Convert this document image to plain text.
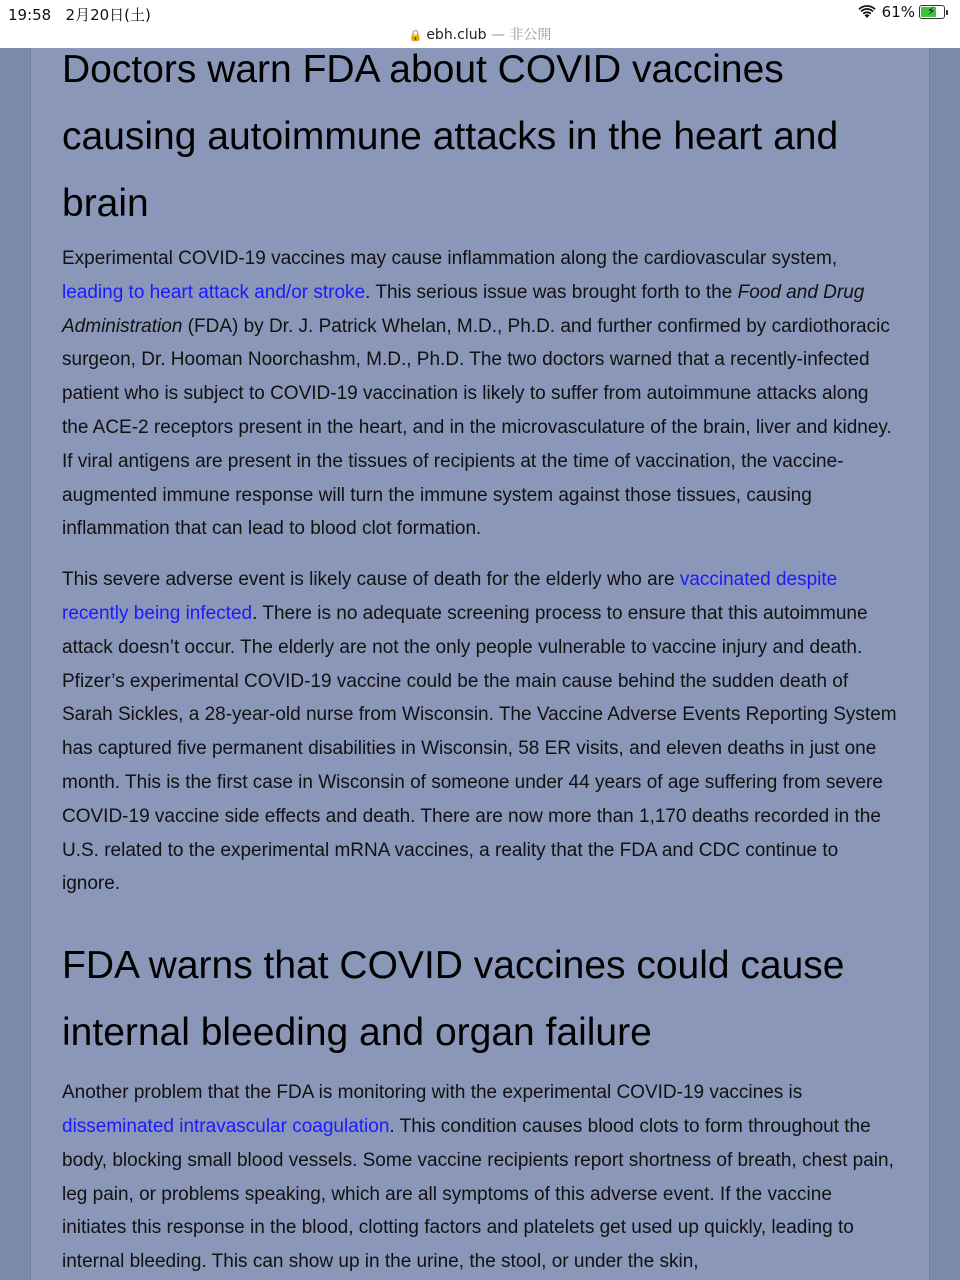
19:58 2月20日(土)	61% ⚡
🔒 ebh.club — 非公開
Doctors warn FDA about COVID vaccines causing autoimmune attacks in the heart and brain

Experimental COVID-19 vaccines may cause inflammation along the cardiovascular system, leading to heart attack and/or stroke. This serious issue was brought forth to the Food and Drug Administration (FDA) by Dr. J. Patrick Whelan, M.D., Ph.D. and further confirmed by cardiothoracic surgeon, Dr. Hooman Noorchashm, M.D., Ph.D. The two doctors warned that a recently-infected patient who is subject to COVID-19 vaccination is likely to suffer from autoimmune attacks along the ACE-2 receptors present in the heart, and in the microvasculature of the brain, liver and kidney. If viral antigens are present in the tissues of recipients at the time of vaccination, the vaccine-augmented immune response will turn the immune system against those tissues, causing inflammation that can lead to blood clot formation.

This severe adverse event is likely cause of death for the elderly who are vaccinated despite recently being infected. There is no adequate screening process to ensure that this autoimmune attack doesn’t occur. The elderly are not the only people vulnerable to vaccine injury and death. Pfizer’s experimental COVID-19 vaccine could be the main cause behind the sudden death of Sarah Sickles, a 28-year-old nurse from Wisconsin. The Vaccine Adverse Events Reporting System has captured five permanent disabilities in Wisconsin, 58 ER visits, and eleven deaths in just one month. This is the first case in Wisconsin of someone under 44 years of age suffering from severe COVID-19 vaccine side effects and death. There are now more than 1,170 deaths recorded in the U.S. related to the experimental mRNA vaccines, a reality that the FDA and CDC continue to ignore.

FDA warns that COVID vaccines could cause internal bleeding and organ failure

Another problem that the FDA is monitoring with the experimental COVID-19 vaccines is disseminated intravascular coagulation. This condition causes blood clots to form throughout the body, blocking small blood vessels. Some vaccine recipients report shortness of breath, chest pain, leg pain, or problems speaking, which are all symptoms of this adverse event. If the vaccine initiates this response in the blood, clotting factors and platelets get used up quickly, leading to internal bleeding. This can show up in the urine, the stool, or under the skin,
